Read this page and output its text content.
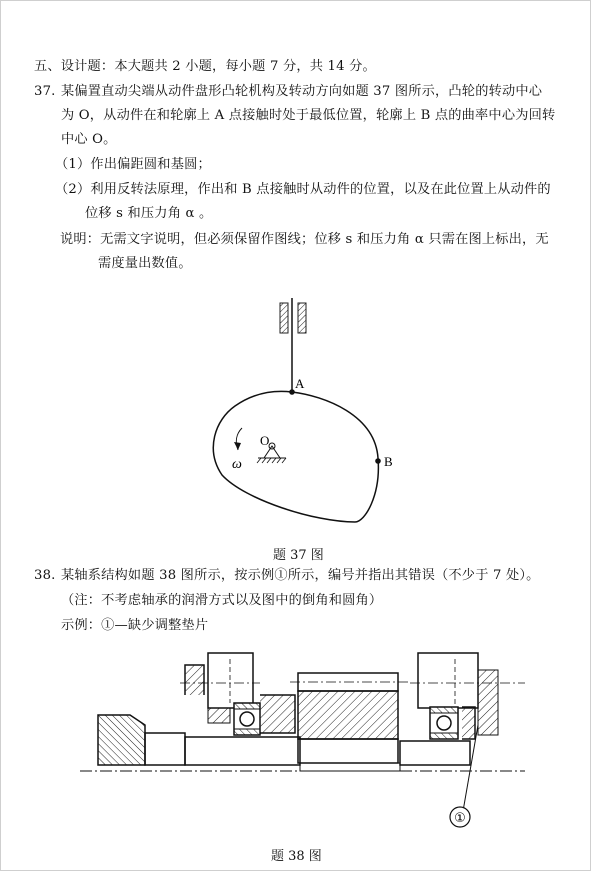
五、设计题：本大题共 2 小题，每小题 7 分，共 14 分。
37. 某偏置直动尖端从动件盘形凸轮机构及转动方向如题 37 图所示，凸轮的转动中心
为 O，从动件在和轮廓上 A 点接触时处于最低位置，轮廓上 B 点的曲率中心为回转
中心 O。
（1）作出偏距圆和基圆；
（2）利用反转法原理，作出和 B 点接触时从动件的位置，以及在此位置上从动件的
位移 s 和压力角 α 。
说明：无需文字说明，但必须保留作图线；位移 s 和压力角 α 只需在图上标出，无
需度量出数值。
A
B
O
ω
题 37 图
38. 某轴系结构如题 38 图所示，按示例①所示，编号并指出其错误（不少于 7 处）。
（注：不考虑轴承的润滑方式以及图中的倒角和圆角）
示例：①—缺少调整垫片
①
题 38 图
